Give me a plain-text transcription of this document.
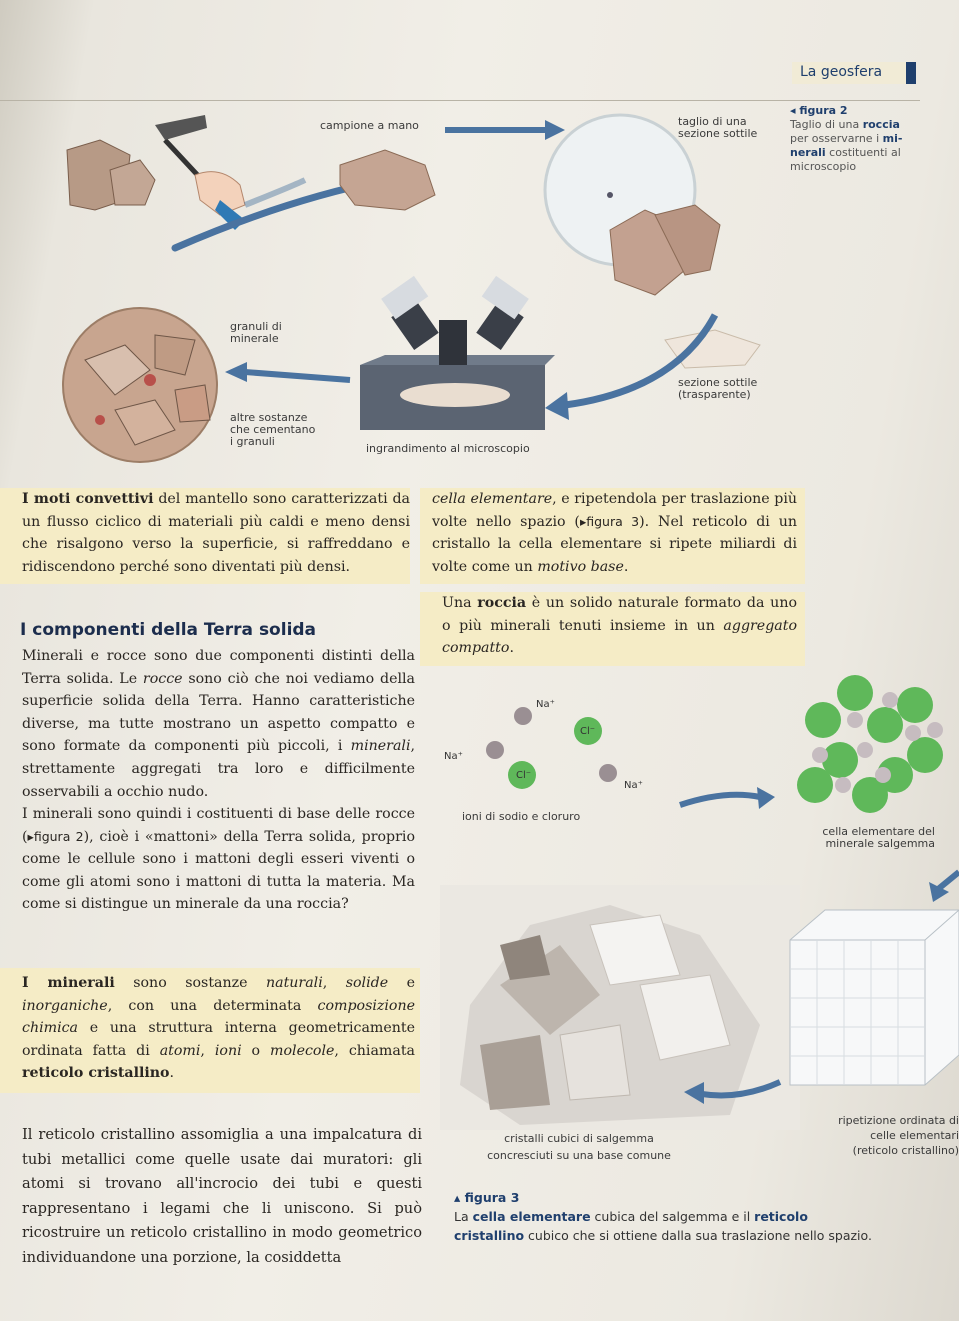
La geosfera
campione a mano	taglio di una
sezione sottile
granuli di
minerale
altre sostanze
che cementano
i granuli
ingrandimento al microscopio
sezione sottile
(trasparente)
◂ figura 2
Taglio di una roccia per osservarne i mi-
nerali costituenti al microscopio
I moti convettivi del mantello sono caratterizzati da un flusso ciclico di materiali più caldi e meno densi che risalgono verso la superficie, si raffreddano e ridiscendono perché sono diventati più densi.
cella elementare, e ripetendola per traslazione più volte nello spazio (▸figura 3). Nel reticolo di un cristallo la cella elementare si ripete miliardi di volte come un motivo base.
Una roccia è un solido naturale formato da uno o più minerali tenuti insieme in un aggregato compatto.
I componenti della Terra solida
Minerali e rocce sono due componenti distinti della Terra solida. Le rocce sono ciò che noi vediamo della superficie solida della Terra. Hanno caratteristiche diverse, ma tutte mostrano un aspetto compatto e sono formate da componenti più piccoli, i minerali, strettamente aggregati tra loro e difficilmente osservabili a occhio nudo.
I minerali sono quindi i costituenti di base delle rocce (▸figura 2), cioè i «mattoni» della Terra solida, proprio come le cellule sono i mattoni degli esseri viventi o come gli atomi sono i mattoni di tutta la materia. Ma come si distingue un minerale da una roccia?
I minerali sono sostanze naturali, solide e inorganiche, con una determinata composizione chimica e una struttura interna geometricamente ordinata fatta di atomi, ioni o molecole, chiamata reticolo cristallino.
Il reticolo cristallino assomiglia a una impalcatura di tubi metallici come quelle usate dai muratori: gli atomi si trovano all'incrocio dei tubi e questi rappresentano i legami che li uniscono. Si può ricostruire un reticolo cristallino in modo geometrico individuandone una porzione, la cosiddetta
Na⁺
Cl⁻
Na⁺
Cl⁻
Na⁺
ioni di sodio e cloruro
cella elementare del
minerale salgemma
cristalli cubici di salgemma
concresciuti su una base comune
ripetizione ordinata di
celle elementari
(reticolo cristallino)
▴ figura 3
La cella elementare cubica del salgemma e il reticolo cristallino cubico che si ottiene dalla sua traslazione nello spazio.
